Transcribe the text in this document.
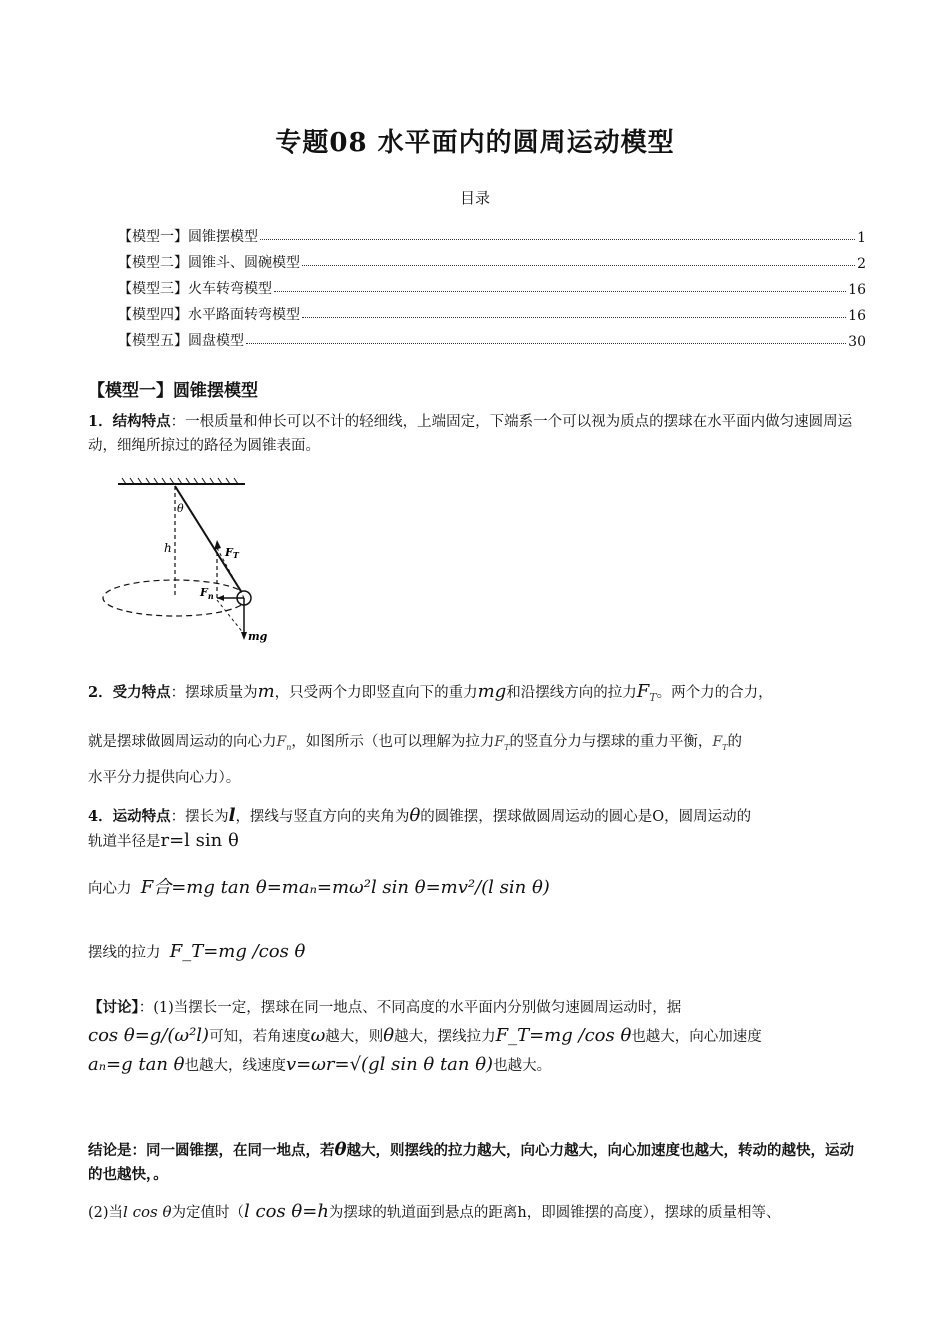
专题08 水平面内的圆周运动模型
目录
【模型一】圆锥摆模型	1
【模型二】圆锥斗、圆碗模型	2
【模型三】火车转弯模型	16
【模型四】水平路面转弯模型	16
【模型五】圆盘模型	30
【模型一】圆锥摆模型
1．结构特点：一根质量和伸长可以不计的轻细线，上端固定，下端系一个可以视为质点的摆球在水平面内做匀速圆周运动，细绳所掠过的路径为圆锥表面。
θ
h	FT
$F_n$
mg
2．受力特点：摆球质量为m，只受两个力即竖直向下的重力mg和沿摆线方向的拉力$F_T$。两个力的合力，
就是摆球做圆周运动的向心力$F_n$，如图所示（也可以理解为拉力$F_T$的竖直分力与摆球的重力平衡，$F_T$的
水平分力提供向心力）。
4．运动特点：摆长为l，摆线与竖直方向的夹角为θ的圆锥摆，摆球做圆周运动的圆心是O，圆周运动的
轨道半径是r=l sin θ
向心力 F合=mg tan θ=maₙ=mω²l sin θ=mv²/(l sin θ)
摆线的拉力 F_T=mg /cos θ
【讨论】：(1)当摆长一定，摆球在同一地点、不同高度的水平面内分别做匀速圆周运动时，据
cos θ=g/(ω²l)可知，若角速度ω越大，则θ越大，摆线拉力F_T=mg /cos θ也越大，向心加速度
aₙ=g tan θ也越大，线速度v=ωr=√(gl sin θ tan θ)也越大。
结论是：同一圆锥摆，在同一地点，若θ越大，则摆线的拉力越大，向心力越大，向心加速度也越大，转动的越快，运动的也越快，。
(2)当l cos θ为定值时（l cos θ=h为摆球的轨道面到悬点的距离h，即圆锥摆的高度），摆球的质量相等、
